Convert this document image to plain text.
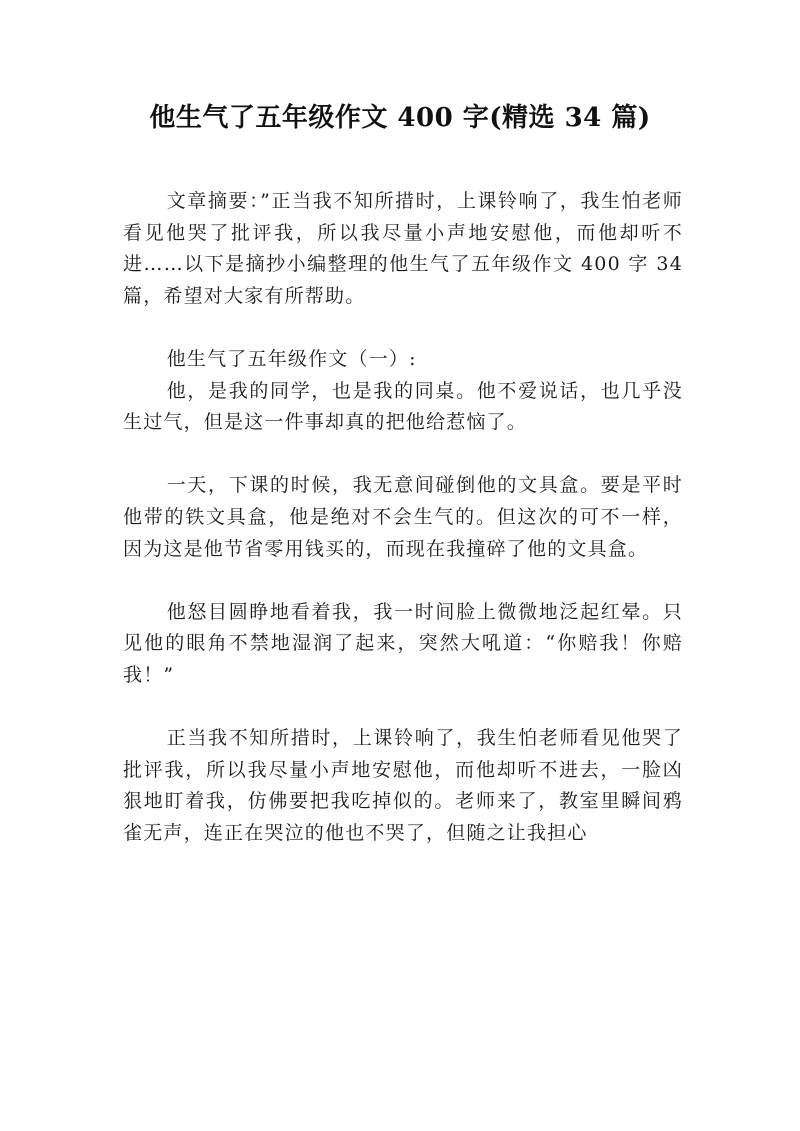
他生气了五年级作文 400 字(精选 34 篇)

文章摘要：”正当我不知所措时，上课铃响了，我生怕老师看见他哭了批评我，所以我尽量小声地安慰他，而他却听不进……以下是摘抄小编整理的他生气了五年级作文 400 字 34 篇，希望对大家有所帮助。

他生气了五年级作文（一）:

他，是我的同学，也是我的同桌。他不爱说话，也几乎没生过气，但是这一件事却真的把他给惹恼了。

一天，下课的时候，我无意间碰倒他的文具盒。要是平时他带的铁文具盒，他是绝对不会生气的。但这次的可不一样，因为这是他节省零用钱买的，而现在我撞碎了他的文具盒。

他怒目圆睁地看着我，我一时间脸上微微地泛起红晕。只见他的眼角不禁地湿润了起来，突然大吼道：“你赔我！你赔我！”

正当我不知所措时，上课铃响了，我生怕老师看见他哭了批评我，所以我尽量小声地安慰他，而他却听不进去，一脸凶狠地盯着我，仿佛要把我吃掉似的。老师来了，教室里瞬间鸦雀无声，连正在哭泣的他也不哭了，但随之让我担心
